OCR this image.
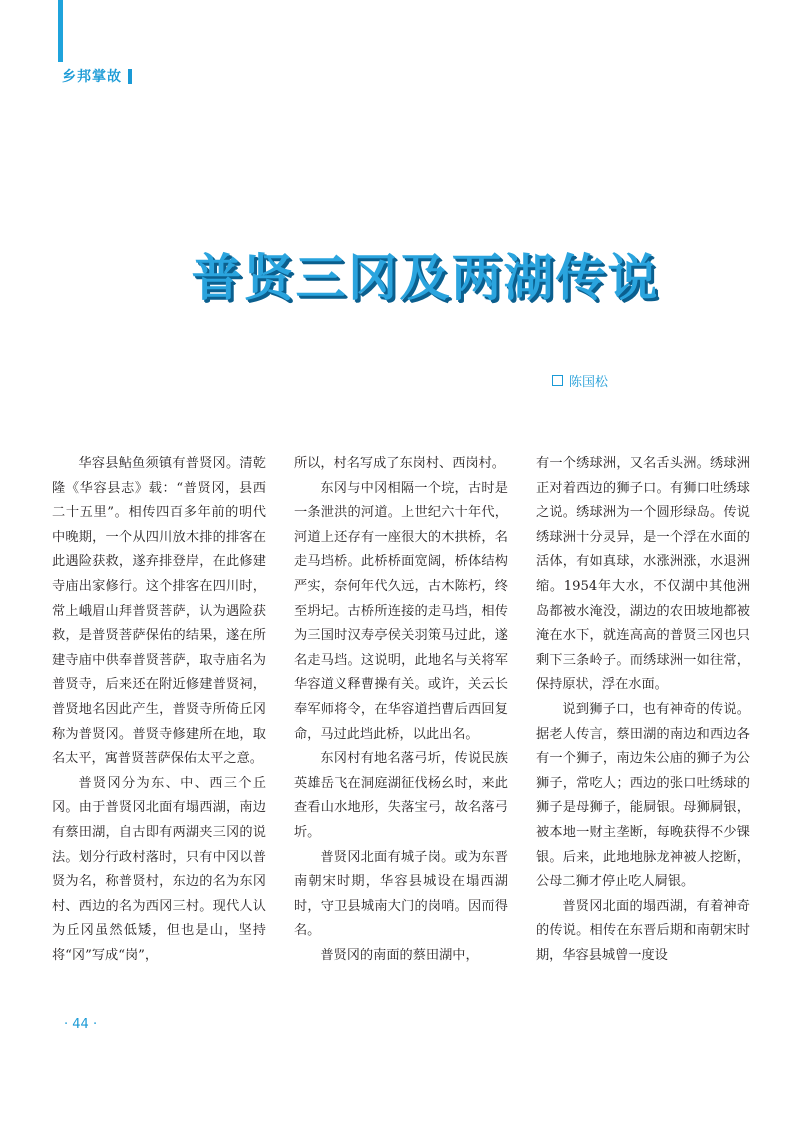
乡邦掌故
普贤三冈及两湖传说
陈国松

华容县鲇鱼须镇有普贤冈。清乾隆《华容县志》载：“普贤冈，县西二十五里”。相传四百多年前的明代中晚期，一个从四川放木排的排客在此遇险获救，遂弃排登岸，在此修建寺庙出家修行。这个排客在四川时，常上峨眉山拜普贤菩萨，认为遇险获救，是普贤菩萨保佑的结果，遂在所建寺庙中供奉普贤菩萨，取寺庙名为普贤寺，后来还在附近修建普贤祠，普贤地名因此产生，普贤寺所倚丘冈称为普贤冈。普贤寺修建所在地，取名太平，寓普贤菩萨保佑太平之意。

普贤冈分为东、中、西三个丘冈。由于普贤冈北面有塌西湖，南边有蔡田湖，自古即有两湖夹三冈的说法。划分行政村落时，只有中冈以普贤为名，称普贤村，东边的名为东冈村、西边的名为西冈三村。现代人认为丘冈虽然低矮，但也是山，坚持将“冈”写成“岗”，

所以，村名写成了东岗村、西岗村。

东冈与中冈相隔一个垸，古时是一条泄洪的河道。上世纪六十年代，河道上还存有一座很大的木拱桥，名走马垱桥。此桥桥面宽阔，桥体结构严实，奈何年代久远，古木陈朽，终至坍圮。古桥所连接的走马垱，相传为三国时汉寿亭侯关羽策马过此，遂名走马垱。这说明，此地名与关将军华容道义释曹操有关。或许，关云长奉军师将令，在华容道挡曹后西回复命，马过此垱此桥，以此出名。

东冈村有地名落弓圻，传说民族英雄岳飞在洞庭湖征伐杨幺时，来此查看山水地形，失落宝弓，故名落弓圻。

普贤冈北面有城子岗。或为东晋南朝宋时期，华容县城设在塌西湖时，守卫县城南大门的岗哨。因而得名。

普贤冈的南面的蔡田湖中，

有一个绣球洲，又名舌头洲。绣球洲正对着西边的狮子口。有狮口吐绣球之说。绣球洲为一个圆形绿岛。传说绣球洲十分灵异，是一个浮在水面的活体，有如真球，水涨洲涨，水退洲缩。1954年大水，不仅湖中其他洲岛都被水淹没，湖边的农田坡地都被淹在水下，就连高高的普贤三冈也只剩下三条岭子。而绣球洲一如往常，保持原状，浮在水面。

说到狮子口，也有神奇的传说。据老人传言，蔡田湖的南边和西边各有一个狮子，南边朱公庙的狮子为公狮子，常吃人；西边的张口吐绣球的狮子是母狮子，能屙银。母狮屙银，被本地一财主垄断，每晚获得不少锞银。后来，此地地脉龙神被人挖断，公母二狮才停止吃人屙银。

普贤冈北面的塌西湖，有着神奇的传说。相传在东晋后期和南朝宋时期，华容县城曾一度设

· 44 ·
